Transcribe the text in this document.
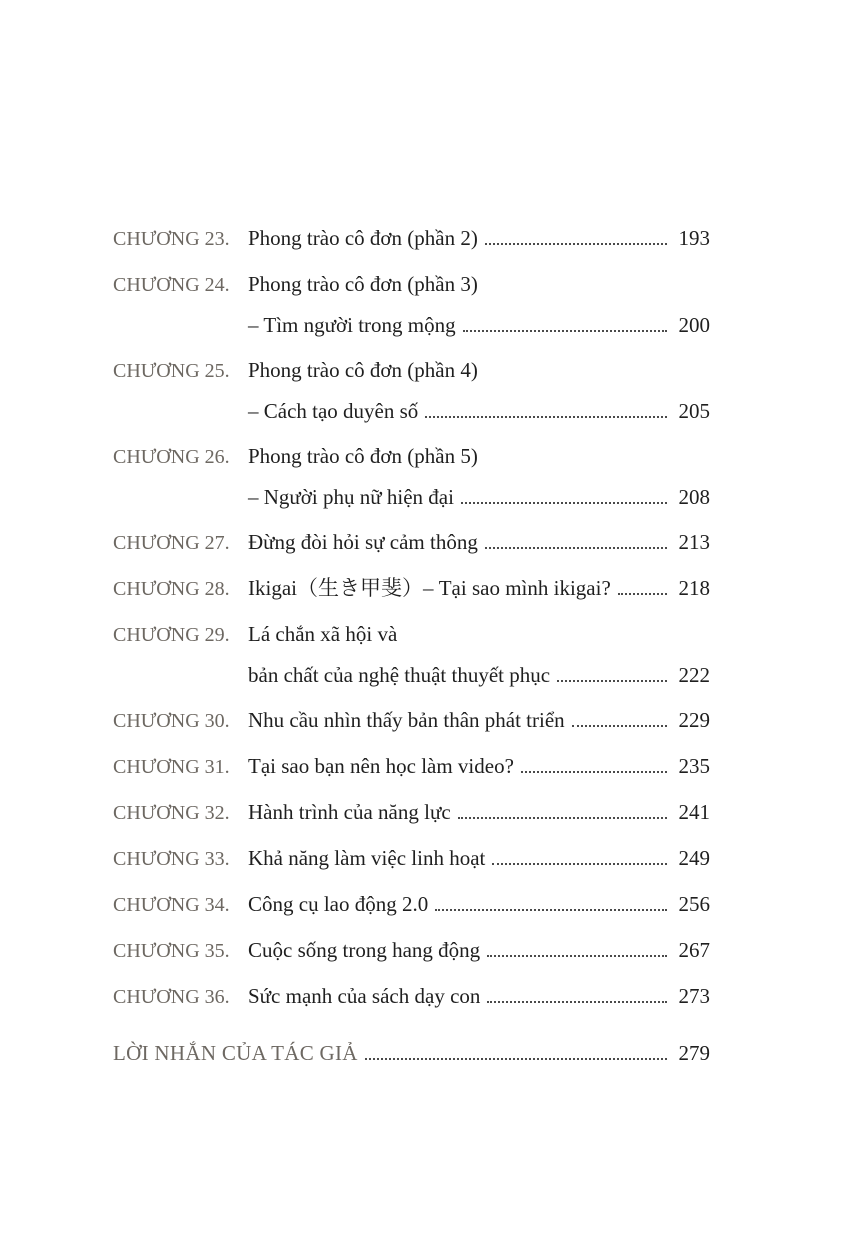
CHƯƠNG 23. Phong trào cô đơn (phần 2)	193
CHƯƠNG 24. Phong trào cô đơn (phần 3)
– Tìm người trong mộng	200
CHƯƠNG 25. Phong trào cô đơn (phần 4)
– Cách tạo duyên số	205
CHƯƠNG 26. Phong trào cô đơn (phần 5)
– Người phụ nữ hiện đại	208
CHƯƠNG 27. Đừng đòi hỏi sự cảm thông	213
CHƯƠNG 28. Ikigai（生き甲斐）– Tại sao mình ikigai?	218
CHƯƠNG 29. Lá chắn xã hội và
bản chất của nghệ thuật thuyết phục	222
CHƯƠNG 30. Nhu cầu nhìn thấy bản thân phát triển	229
CHƯƠNG 31. Tại sao bạn nên học làm video?	235
CHƯƠNG 32. Hành trình của năng lực	241
CHƯƠNG 33. Khả năng làm việc linh hoạt	249
CHƯƠNG 34. Công cụ lao động 2.0	256
CHƯƠNG 35. Cuộc sống trong hang động	267
CHƯƠNG 36. Sức mạnh của sách dạy con	273
LỜI NHẮN CỦA TÁC GIẢ	279
